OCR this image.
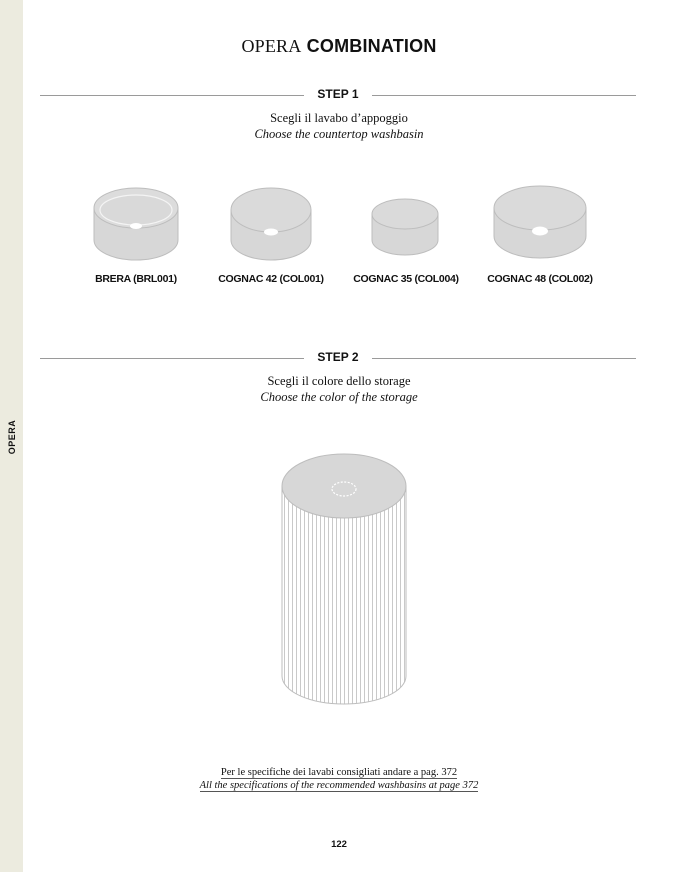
OPERA
OPERA COMBINATION
STEP 1
Scegli il lavabo d’appoggio
Choose the countertop washbasin
BRERA (BRL001)	COGNAC 42 (COL001)	COGNAC 35 (COL004)	COGNAC 48 (COL002)
STEP 2
Scegli il colore dello storage
Choose the color of the storage
Per le specifiche dei lavabi consigliati andare a pag. 372
All the specifications of the recommended washbasins at page 372
122
